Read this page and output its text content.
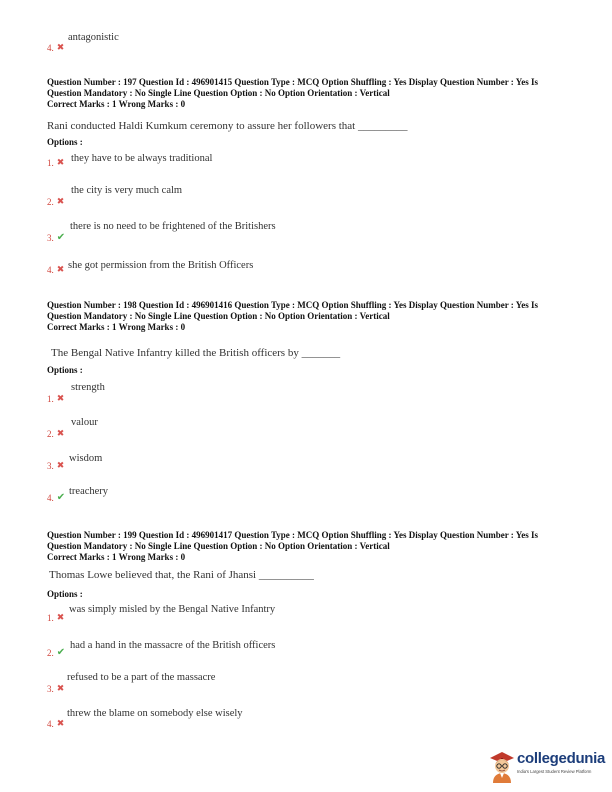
4. ✖
antagonistic
Question Number : 197 Question Id : 496901415 Question Type : MCQ Option Shuffling : Yes Display Question Number : Yes Is
Question Mandatory : No Single Line Question Option : No Option Orientation : Vertical
Correct Marks : 1 Wrong Marks : 0
Rani conducted Haldi Kumkum ceremony to assure her followers that _________
Options :
1. ✖ they have to be always traditional
2. ✖
the city is very much calm
3. ✔
there is no need to be frightened of the Britishers
4. ✖ she got permission from the British Officers
Question Number : 198 Question Id : 496901416 Question Type : MCQ Option Shuffling : Yes Display Question Number : Yes Is
Question Mandatory : No Single Line Question Option : No Option Orientation : Vertical
Correct Marks : 1 Wrong Marks : 0
The Bengal Native Infantry killed the British officers by _______
Options :
1. ✖
strength
2. ✖
valour
3. ✖
wisdom
4. ✔
treachery
Question Number : 199 Question Id : 496901417 Question Type : MCQ Option Shuffling : Yes Display Question Number : Yes Is
Question Mandatory : No Single Line Question Option : No Option Orientation : Vertical
Correct Marks : 1 Wrong Marks : 0
Thomas Lowe believed that, the Rani of Jhansi __________
Options :
1. ✖
was simply misled by the Bengal Native Infantry
2. ✔
had a hand in the massacre of the British officers
3. ✖
refused to be a part of the massacre
4. ✖
threw the blame on somebody else wisely
collegedunia
India's Largest Student Review Platform
